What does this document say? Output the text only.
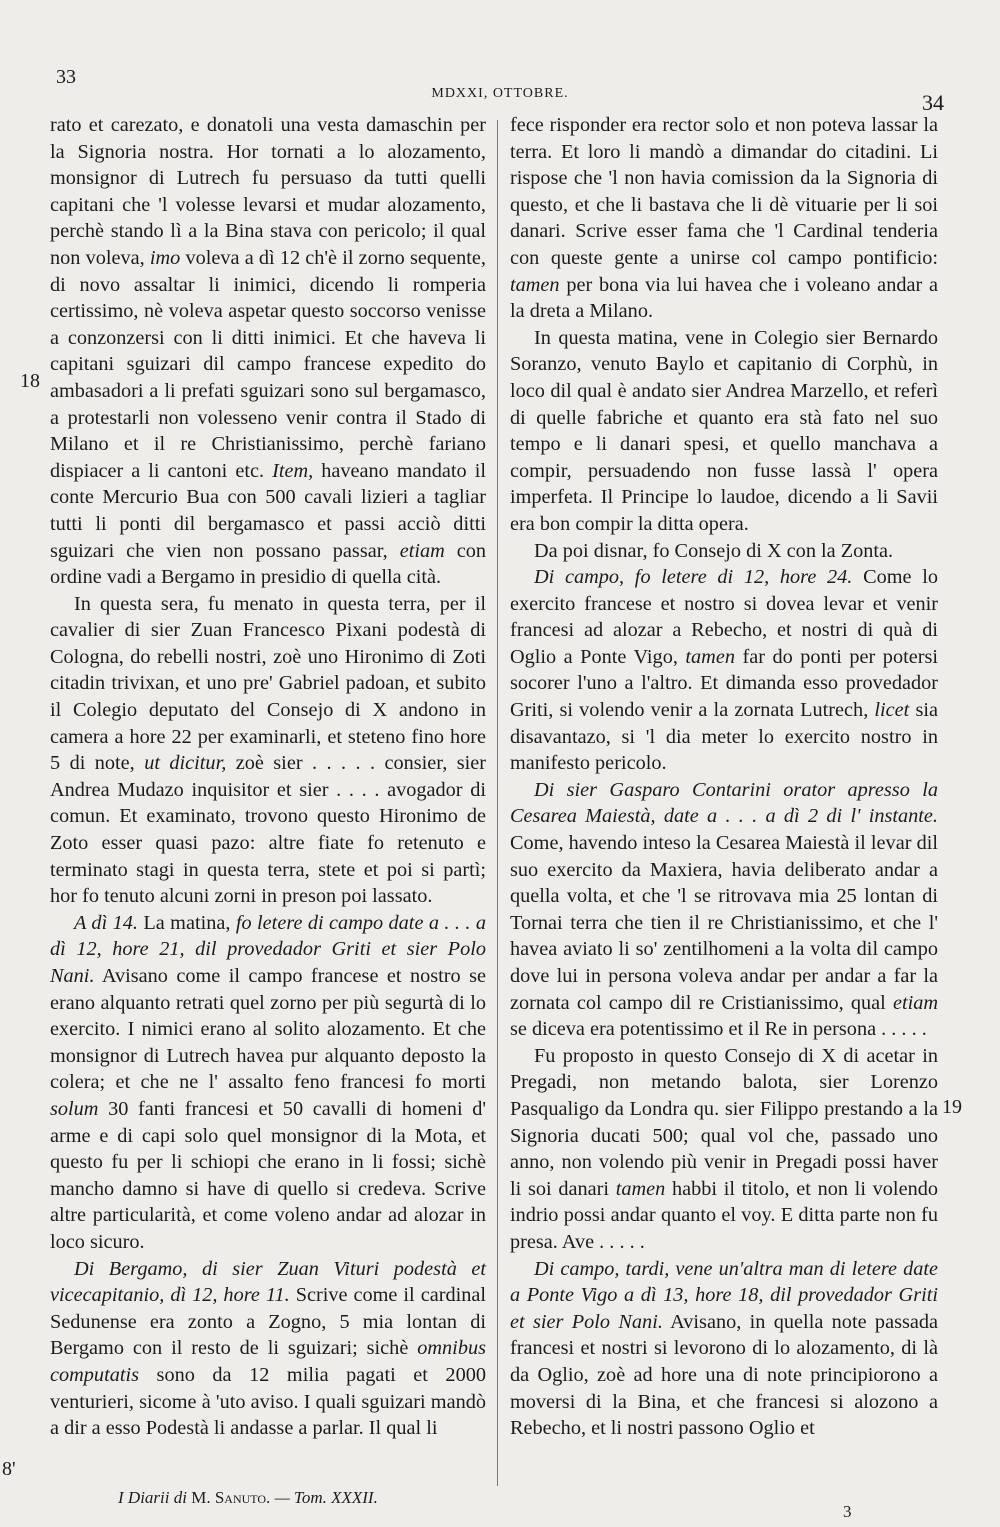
33
MDXXI, OTTOBRE.	34
18
19
8'

rato et carezato, e donatoli una vesta damaschin per la Signoria nostra. Hor tornati a lo alozamento, monsignor di Lutrech fu persuaso da tutti quelli capitani che 'l volesse levarsi et mudar alozamento, perchè stando lì a la Bina stava con pericolo; il qual non voleva, imo voleva a dì 12 ch'è il zorno sequente, di novo assaltar li inimici, dicendo li romperia certissimo, nè voleva aspetar questo soccorso venisse a conzonzersi con li ditti inimici. Et che haveva li capitani sguizari dil campo francese expedito do ambasadori a li prefati sguizari sono sul bergamasco, a protestarli non volesseno venir contra il Stado di Milano et il re Christianissimo, perchè fariano dispiacer a li cantoni etc. Item, haveano mandato il conte Mercurio Bua con 500 cavali lizieri a tagliar tutti li ponti dil bergamasco et passi acciò ditti sguizari che vien non possano passar, etiam con ordine vadi a Bergamo in presidio di quella cità.

In questa sera, fu menato in questa terra, per il cavalier di sier Zuan Francesco Pixani podestà di Cologna, do rebelli nostri, zoè uno Hironimo di Zoti citadin trivixan, et uno pre' Gabriel padoan, et subito il Colegio deputato del Consejo di X andono in camera a hore 22 per examinarli, et steteno fino hore 5 di note, ut dicitur, zoè sier . . . . . consier, sier Andrea Mudazo inquisitor et sier . . . . avogador di comun. Et examinato, trovono questo Hironimo de Zoto esser quasi pazo: altre fiate fo retenuto e terminato stagi in questa terra, stete et poi si partì; hor fo tenuto alcuni zorni in preson poi lassato.

A dì 14. La matina, fo letere di campo date a . . . a dì 12, hore 21, dil provedador Griti et sier Polo Nani. Avisano come il campo francese et nostro se erano alquanto retrati quel zorno per più segurtà di lo exercito. I nimici erano al solito alozamento. Et che monsignor di Lutrech havea pur alquanto deposto la colera; et che ne l' assalto feno francesi fo morti solum 30 fanti francesi et 50 cavalli di homeni d' arme e di capi solo quel monsignor di la Mota, et questo fu per li schiopi che erano in li fossi; sichè mancho damno si have di quello si credeva. Scrive altre particularità, et come voleno andar ad alozar in loco sicuro.

Di Bergamo, di sier Zuan Vituri podestà et vicecapitanio, dì 12, hore 11. Scrive come il cardinal Sedunense era zonto a Zogno, 5 mia lontan di Bergamo con il resto de li sguizari; sichè omnibus computatis sono da 12 milia pagati et 2000 venturieri, sicome à 'uto aviso. I quali sguizari mandò a dir a esso Podestà li andasse a parlar. Il qual li

fece risponder era rector solo et non poteva lassar la terra. Et loro li mandò a dimandar do citadini. Li rispose che 'l non havia comission da la Signoria di questo, et che li bastava che li dè vituarie per li soi danari. Scrive esser fama che 'l Cardinal tenderia con queste gente a unirse col campo pontificio: tamen per bona via lui havea che i voleano andar a la dreta a Milano.

In questa matina, vene in Colegio sier Bernardo Soranzo, venuto Baylo et capitanio di Corphù, in loco dil qual è andato sier Andrea Marzello, et referì di quelle fabriche et quanto era stà fato nel suo tempo e li danari spesi, et quello manchava a compir, persuadendo non fusse lassà l' opera imperfeta. Il Principe lo laudoe, dicendo a li Savii era bon compir la ditta opera.

Da poi disnar, fo Consejo di X con la Zonta.

Di campo, fo letere di 12, hore 24. Come lo exercito francese et nostro si dovea levar et venir francesi ad alozar a Rebecho, et nostri di quà di Oglio a Ponte Vigo, tamen far do ponti per potersi socorer l'uno a l'altro. Et dimanda esso provedador Griti, si volendo venir a la zornata Lutrech, licet sia disavantazo, si 'l dia meter lo exercito nostro in manifesto pericolo.

Di sier Gasparo Contarini orator apresso la Cesarea Maiestà, date a . . . a dì 2 di l' instante. Come, havendo inteso la Cesarea Maiestà il levar dil suo exercito da Maxiera, havia deliberato andar a quella volta, et che 'l se ritrovava mia 25 lontan di Tornai terra che tien il re Christianissimo, et che l' havea aviato li so' zentilhomeni a la volta dil campo dove lui in persona voleva andar per andar a far la zornata col campo dil re Cristianissimo, qual etiam se diceva era potentissimo et il Re in persona . . . . .

Fu proposto in questo Consejo di X di acetar in Pregadi, non metando balota, sier Lorenzo Pasqualigo da Londra qu. sier Filippo prestando a la Signoria ducati 500; qual vol che, passado uno anno, non volendo più venir in Pregadi possi haver li soi danari tamen habbi il titolo, et non li volendo indrio possi andar quanto el voy. E ditta parte non fu presa. Ave . . . . .

Di campo, tardi, vene un'altra man di letere date a Ponte Vigo a dì 13, hore 18, dil provedador Griti et sier Polo Nani. Avisano, in quella note passada francesi et nostri si levorono di lo alozamento, di là da Oglio, zoè ad hore una di note principiorono a moversi di la Bina, et che francesi si alozono a Rebecho, et li nostri passono Oglio et

I Diarii di M. Sanuto. — Tom. XXXII.
3
